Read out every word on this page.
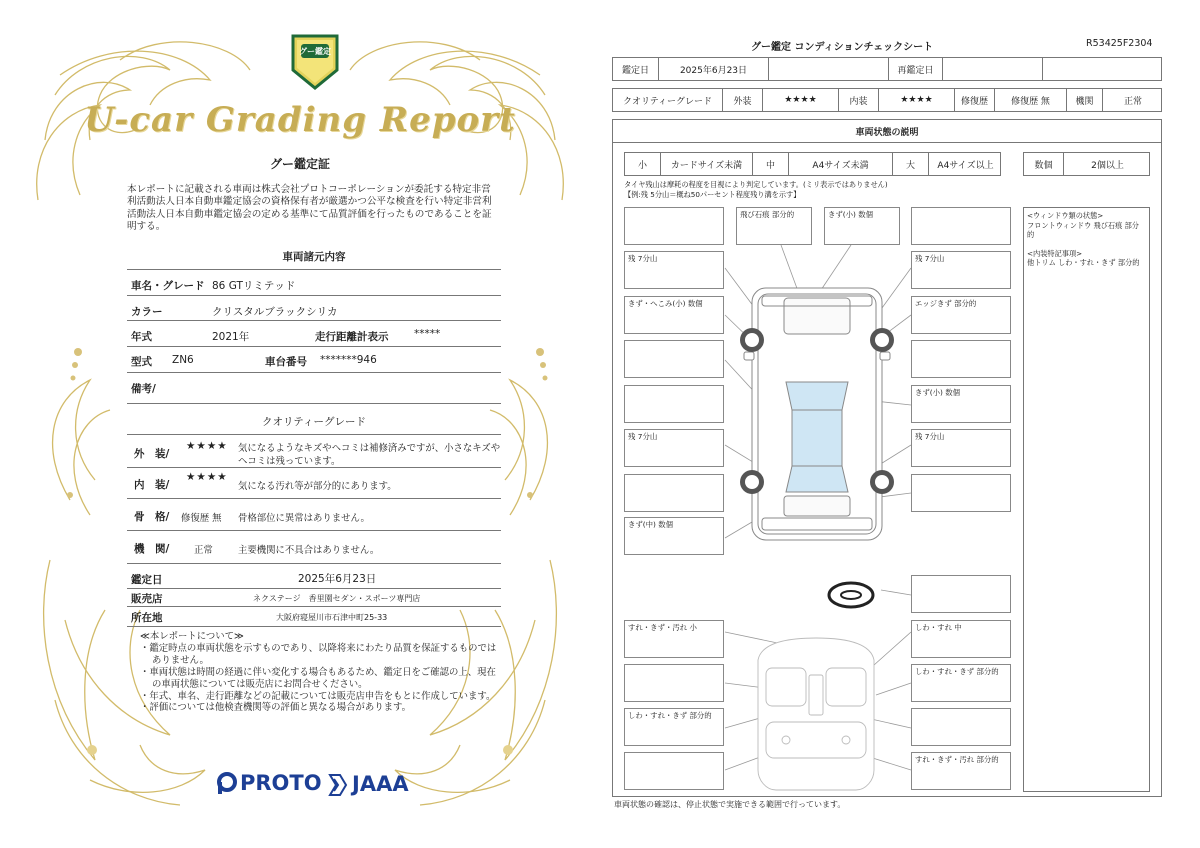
グー鑑定
U-car Grading Report
グー鑑定証
本レポートに記載される車両は株式会社プロトコーポレーションが委託する特定非営利活動法人日本自動車鑑定協会の資格保有者が厳選かつ公平な検査を行い特定非営利活動法人日本自動車鑑定協会の定める基準にて品質評価を行ったものであることを証明する。
車両諸元内容
車名・グレード 86 GTリミテッド
カラー	クリスタルブラックシリカ
年式	2021年	走行距離計表示 *****
型式 ZN6	車台番号 *******946
備考/
クオリティーグレード
外　装/
★★★★ 気になるようなキズやヘコミは補修済みですが、小さなキズや
ヘコミは残っています。
内　装/
★★★★
気になる汚れ等が部分的にあります。
骨　格/ 修復歴 無 骨格部位に異常はありません。
機　関/	正常	主要機関に不具合はありません。
鑑定日	2025年6月23日
販売店	ネクステージ　香里園セダン・スポーツ専門店
所在地	大阪府寝屋川市石津中町25-33
≪本レポートについて≫
・鑑定時点の車両状態を示すものであり、以降将来にわたり品質を保証するものではありません。
・車両状態は時間の経過に伴い変化する場合もあるため、鑑定日をご確認の上、現在の車両状態については販売店にお問合せください。
・年式、車名、走行距離などの記載については販売店申告をもとに作成しています。
・評価については他検査機関等の評価と異なる場合があります。
PROTO JAAA
グー鑑定 コンディションチェックシート	R53425F2304
鑑定日	2025年6月23日	再鑑定日
クオリティーグレード	外装	★★★★	内装	★★★★	修復歴	修復歴 無	機関	正常
車両状態の説明
小	カードサイズ未満	中	A4サイズ未満	大	A4サイズ以上	数個	2個以上
タイヤ残山は摩耗の程度を目視により判定しています。(ミリ表示ではありません)
【例:残 5分山＝概ね50パーセント程度残り溝を示す】
<ウィンドウ類の状態>
フロントウィンドウ 飛び石痕 部分的
<内装特記事項>
他トリム しわ・すれ・きず 部分的
飛び石痕 部分的	きず(小) 数個
残 7分山	残 7分山
きず・へこみ(小) 数個	エッジきず 部分的
きず(小) 数個
残 7分山	残 7分山
きず(中) 数個
すれ・きず・汚れ 小	しわ・すれ 中
しわ・すれ・きず 部分的
しわ・すれ・きず 部分的
すれ・きず・汚れ 部分的
車両状態の確認は、停止状態で実施できる範囲で行っています。
